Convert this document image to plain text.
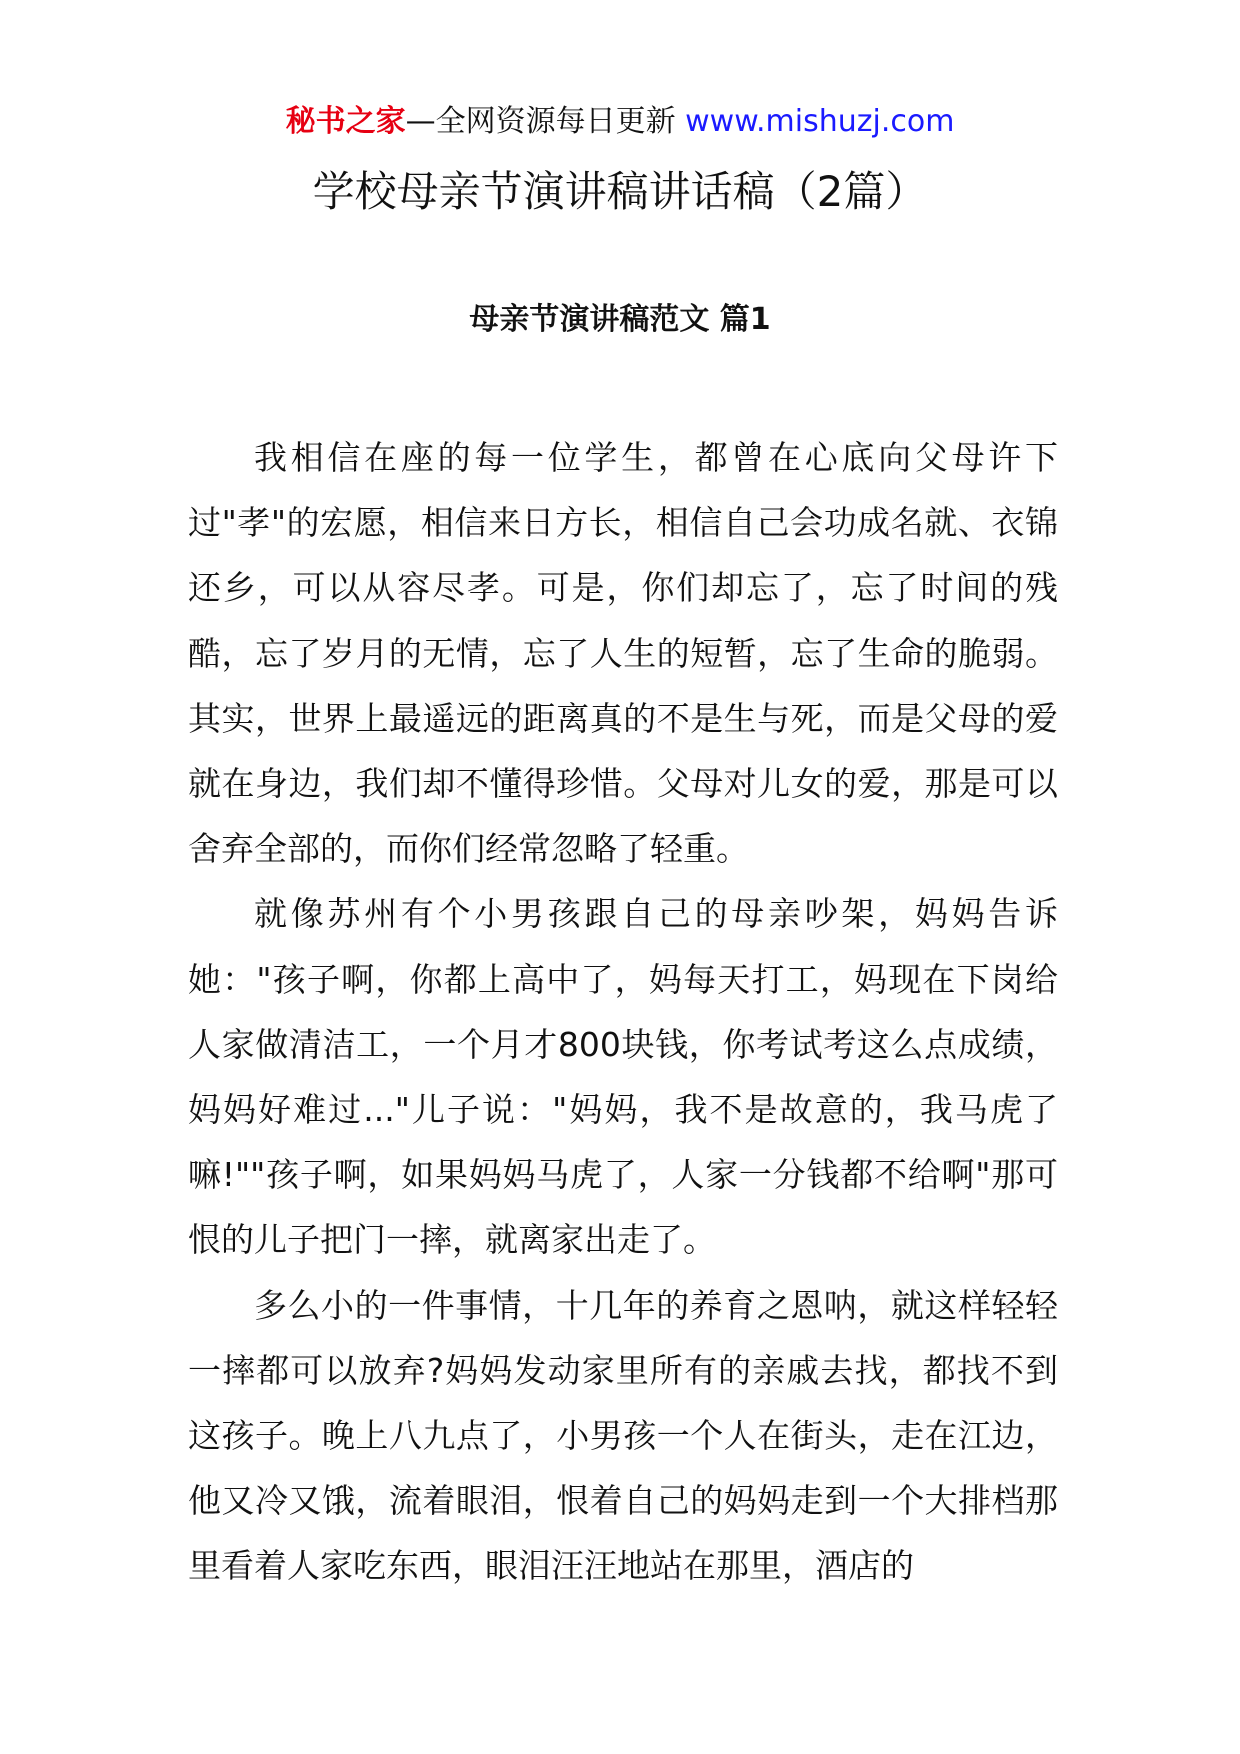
秘书之家—全网资源每日更新 www.mishuzj.com
学校母亲节演讲稿讲话稿（2篇）
母亲节演讲稿范文 篇1

我相信在座的每一位学生，都曾在心底向父母许下过"孝"的宏愿，相信来日方长，相信自己会功成名就、衣锦还乡，可以从容尽孝。可是，你们却忘了，忘了时间的残酷，忘了岁月的无情，忘了人生的短暂，忘了生命的脆弱。其实，世界上最遥远的距离真的不是生与死，而是父母的爱就在身边，我们却不懂得珍惜。父母对儿女的爱，那是可以舍弃全部的，而你们经常忽略了轻重。

就像苏州有个小男孩跟自己的母亲吵架，妈妈告诉她："孩子啊，你都上高中了，妈每天打工，妈现在下岗给人家做清洁工，一个月才800块钱，你考试考这么点成绩，妈妈好难过..."儿子说："妈妈，我不是故意的，我马虎了嘛!""孩子啊，如果妈妈马虎了，人家一分钱都不给啊"那可恨的儿子把门一摔，就离家出走了。

多么小的一件事情，十几年的养育之恩呐，就这样轻轻一摔都可以放弃?妈妈发动家里所有的亲戚去找，都找不到这孩子。晚上八九点了，小男孩一个人在街头，走在江边，他又冷又饿，流着眼泪，恨着自己的妈妈走到一个大排档那里看着人家吃东西，眼泪汪汪地站在那里，酒店的
